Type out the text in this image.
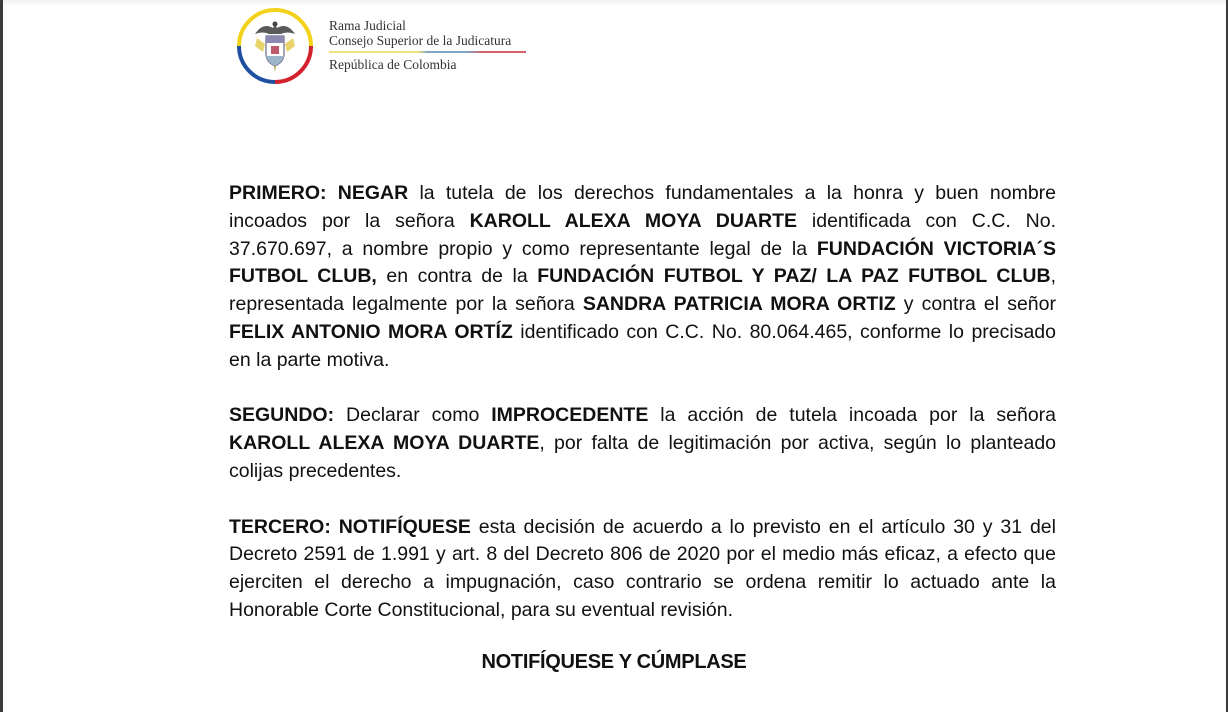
Rama Judicial
Consejo Superior de la Judicatura
República de Colombia

PRIMERO: NEGAR la tutela de los derechos fundamentales a la honra y buen nombre incoados por la señora KAROLL ALEXA MOYA DUARTE identificada con C.C. No. 37.670.697, a nombre propio y como representante legal de la FUNDACIÓN VICTORIA´S FUTBOL CLUB, en contra de la FUNDACIÓN FUTBOL Y PAZ/ LA PAZ FUTBOL CLUB, representada legalmente por la señora SANDRA PATRICIA MORA ORTIZ y contra el señor FELIX ANTONIO MORA ORTÍZ identificado con C.C. No. 80.064.465, conforme lo precisado en la parte motiva.

SEGUNDO: Declarar como IMPROCEDENTE la acción de tutela incoada por la señora KAROLL ALEXA MOYA DUARTE, por falta de legitimación por activa, según lo planteado colijas precedentes.

TERCERO: NOTIFÍQUESE esta decisión de acuerdo a lo previsto en el artículo 30 y 31 del Decreto 2591 de 1.991 y art. 8 del Decreto 806 de 2020 por el medio más eficaz, a efecto que ejerciten el derecho a impugnación, caso contrario se ordena remitir lo actuado ante la Honorable Corte Constitucional, para su eventual revisión.

NOTIFÍQUESE Y CÚMPLASE
